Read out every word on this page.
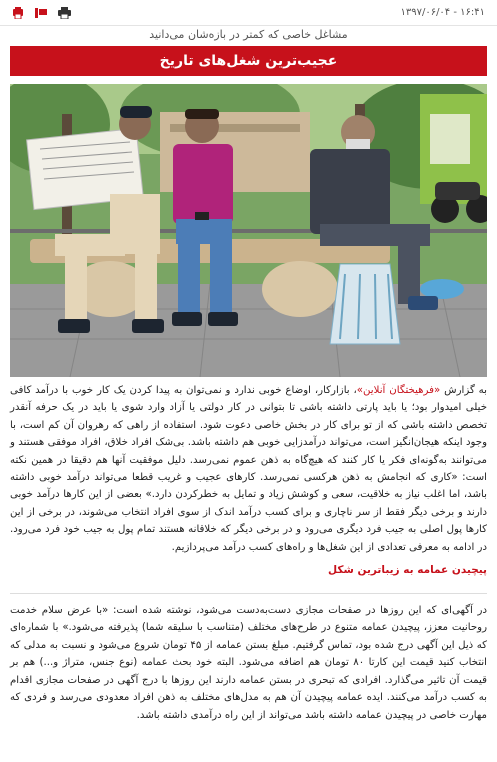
۱۳۹۷/۰۶/۰۴ - ۱۶:۴۱
مشاغل خاصی که کمتر در بازه‌شان می‌دانید
عجیب‌ترین شغل‌های تاریخ

به گزارش «فرهیختگان آنلاین»، بازارکار، اوضاع خوبی ندارد و نمی‌توان به پیدا کردن یک کار خوب با درآمد کافی خیلی امیدوار بود؛ یا باید پارتی داشته باشی تا بتوانی در کار دولتی یا آزاد وارد شوی یا باید در یک حرفه آنقدر تخصص داشته باشی که از تو برای کار در بخش خاصی دعوت شود. استفاده از راهی که رهروان آن کم است، با وجود اینکه هیجان‌انگیز است، می‌تواند درآمدزایی خوبی هم داشته باشد. بی‌شک افراد خلاق، افراد موفقی هستند و می‌توانند به‌گونه‌ای فکر یا کار کنند که هیچ‌گاه به ذهن عموم نمی‌رسد. دلیل موفقیت آنها هم دقیقا در همین نکته است: «کاری که انجامش به ذهن هرکسی نمی‌رسد. کارهای عجیب و غریب قطعا می‌تواند درآمد خوبی داشته باشد، اما اغلب نیاز به خلاقیت، سعی و کوشش زیاد و تمایل به خطرکردن دارد.» بعضی از این کارها درآمد خوبی دارند و برخی دیگر فقط از سر ناچاری و برای کسب درآمد اندک از سوی افراد انتخاب می‌شوند، در برخی از این کارها پول اصلی به جیب فرد دیگری می‌رود و در برخی دیگر که خلاقانه هستند تمام پول به جیب خود فرد می‌رود. در ادامه به معرفی تعدادی از این شغل‌ها و راه‌های کسب درآمد می‌پردازیم.

پیچیدن عمامه به زیباترین شکل

در آگهی‌ای که این روزها در صفحات مجازی دست‌به‌دست می‌شود، نوشته شده است: «با عرض سلام خدمت روحانیت معزز، پیچیدن عمامه متنوع در طرح‌های مختلف (متناسب با سلیقه شما) پذیرفته می‌شود.» با شماره‌ای که ذیل این آگهی درج شده بود، تماس گرفتیم. مبلغ بستن عمامه از ۴۵ تومان شروع می‌شود و نسبت به مدلی که انتخاب کنید قیمت این کارتا ۸۰ تومان هم اضافه می‌شود. البته خود بحث عمامه (نوع جنس، متراژ و...) هم بر قیمت آن تاثیر می‌گذارد. افرادی که تبحری در بستن عمامه دارند این روزها با درج آگهی در صفحات مجازی اقدام به کسب درآمد می‌کنند. ایده عمامه پیچیدن آن هم به مدل‌های مختلف به ذهن افراد معدودی می‌رسد و فردی که مهارت خاصی در پیچیدن عمامه داشته باشد می‌تواند از این راه درآمدی داشته باشد.
